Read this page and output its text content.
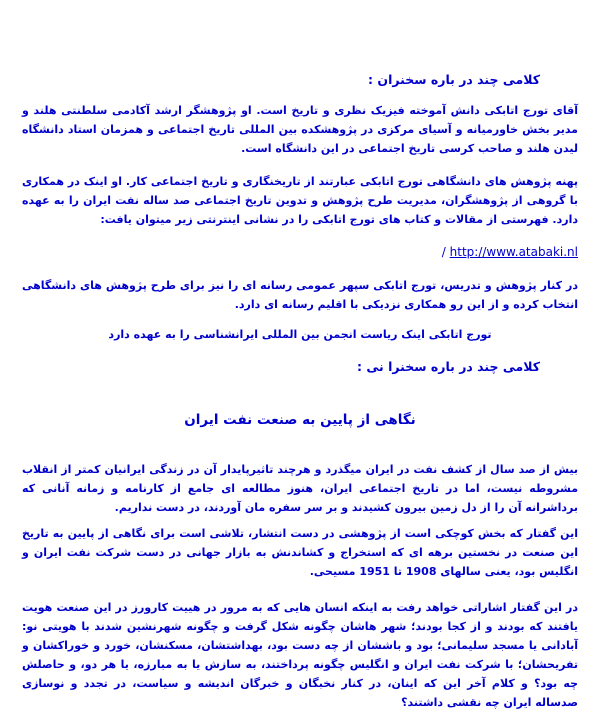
کلامی چند در باره سخنران :

آقای تورج اتابکی دانش آموخته فیزیک نظری و تاریخ است. او پژوهشگر ارشد آکادمی سلطنتی هلند و مدیر بخش خاورمیانه و آسیای مرکزی در پژوهشکده بین المللی تاریخ اجتماعی و همزمان استاد دانشگاه لیدن هلند و صاحب کرسی تاریخ اجتماعی در این دانشگاه است.

پهنه پژوهش های دانشگاهی تورج اتابکی عبارتند از تاریخنگاری و تاریخ اجتماعی کار. او اینک در همکاری با گروهی از پژوهشگران، مدیریت طرح پژوهش و تدوین تاریخ اجتماعی صد ساله نفت ایران را به عهده دارد. فهرستی از مقالات و کتاب های تورج اتابکی را در نشانی اینترنتی زیر میتوان یافت:

/ http://www.atabaki.nl

در کنار پژوهش و تدریس، تورج اتابکی سپهر عمومی رسانه ای را نیز برای طرح پژوهش های دانشگاهی انتخاب کرده و از این رو همکاری نزدیکی با اقلیم رسانه ای دارد.

تورج اتابکی اینک ریاست انجمن بین المللی ایرانشناسی را به عهده دارد

کلامی چند در باره سخنرا نی :

نگاهی از پایین به صنعت نفت ایران

بیش از صد سال از کشف نفت در ایران میگذرد و هرچند تاثیرپایدار آن در زندگی ایرانیان کمتر از انقلاب مشروطه نیست، اما در تاریخ اجتماعی ایران، هنوز مطالعه ای جامع از کارنامه و زمانه آنانی که برداشرانه آن را از دل زمین بیرون کشیدند و بر سر سفره مان آوردند، در دست نداریم.

این گفتار که بخش کوچکی است از پژوهشی در دست انتشار، تلاشی است برای نگاهی از پایین به تاریخ این صنعت در نخستین برهه ای که استخراج و کشاندنش به بازار جهانی در دست شرکت نفت ایران و انگلیس بود، یعنی سالهای 1908 تا 1951 مسیحی.

در این گفتار اشاراتی خواهد رفت به اینکه انسان هایی که به مرور در هییت کارورز در این صنعت هویت یافتند که بودند و از کجا بودند؛ شهر هاشان چگونه شکل گرفت و چگونه شهرنشین شدند با هویتی نو: آبادانی یا مسجد سلیمانی؛ بود و باششان از چه دست بود، بهداشتشان، مسکنشان، خورد و خوراکشان و تفریحشان؛ با شرکت نفت ایران و انگلیس چگونه پرداختند، به سازش یا به مبارزه، یا هر دو، و حاصلش چه بود؟ و کلام آخر این که اینان، در کنار نخبگان و خبرگان اندیشه و سیاست، در تجدد و نوسازی صدساله ایران چه نقشی داشتند؟
